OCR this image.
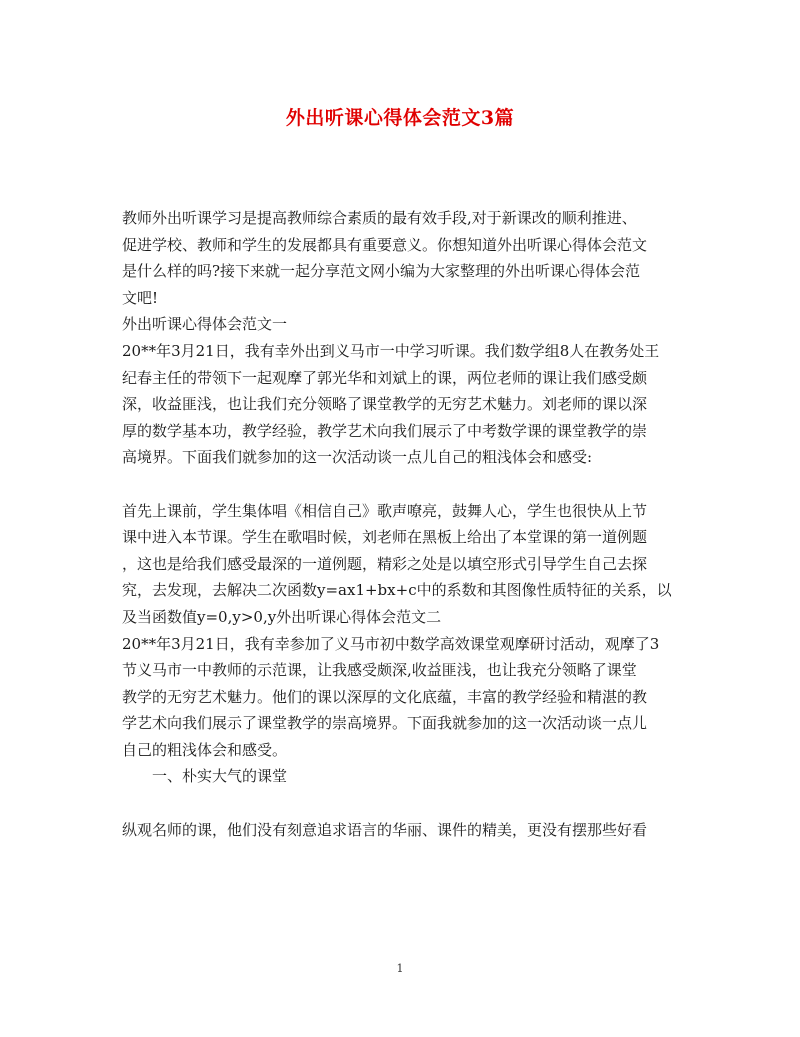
外出听课心得体会范文3篇
教师外出听课学习是提高教师综合素质的最有效手段,对于新课改的顺利推进、
促进学校、教师和学生的发展都具有重要意义。你想知道外出听课心得体会范文
是什么样的吗?接下来就一起分享范文网小编为大家整理的外出听课心得体会范
文吧!
外出听课心得体会范文一
20**年3月21日，我有幸外出到义马市一中学习听课。我们数学组8人在教务处王
纪春主任的带领下一起观摩了郭光华和刘斌上的课，两位老师的课让我们感受颇
深，收益匪浅，也让我们充分领略了课堂教学的无穷艺术魅力。刘老师的课以深
厚的数学基本功，教学经验，教学艺术向我们展示了中考数学课的课堂教学的崇
高境界。下面我们就参加的这一次活动谈一点儿自己的粗浅体会和感受:
首先上课前，学生集体唱《相信自己》歌声嘹亮，鼓舞人心，学生也很快从上节
课中进入本节课。学生在歌唱时候，刘老师在黑板上给出了本堂课的第一道例题
，这也是给我们感受最深的一道例题，精彩之处是以填空形式引导学生自己去探
究，去发现，去解决二次函数y=ax1+bx+c中的系数和其图像性质特征的关系，以
及当函数值y=0,y>0,y外出听课心得体会范文二
20**年3月21日，我有幸参加了义马市初中数学高效课堂观摩研讨活动，观摩了3
节义马市一中教师的示范课，让我感受颇深,收益匪浅，也让我充分领略了课堂
教学的无穷艺术魅力。他们的课以深厚的文化底蕴，丰富的教学经验和精湛的教
学艺术向我们展示了课堂教学的崇高境界。下面我就参加的这一次活动谈一点儿
自己的粗浅体会和感受。
一、朴实大气的课堂
纵观名师的课，他们没有刻意追求语言的华丽、课件的精美，更没有摆那些好看
1
